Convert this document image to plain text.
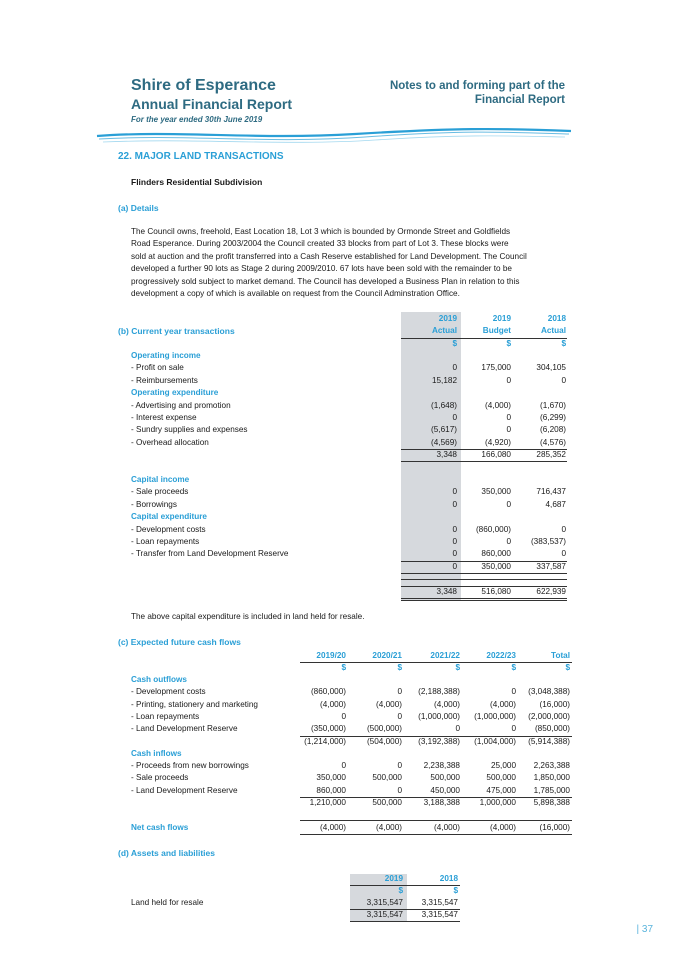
Shire of Esperance
Annual Financial Report
For the year ended 30th June 2019
Notes to and forming part of the
Financial Report
22. MAJOR LAND TRANSACTIONS
Flinders Residential Subdivision
(a) Details
The Council owns, freehold, East Location 18, Lot 3 which is bounded by Ormonde Street and Goldfields
Road Esperance. During 2003/2004 the Council created 33 blocks from part of Lot 3. These blocks were
sold at auction and the profit transferred into a Cash Reserve established for Land Development. The Council
developed a further 90 lots as Stage 2 during 2009/2010. 67 lots have been sold with the remainder to be
progressively sold subject to market demand. The Council has developed a Business Plan in relation to this
development a copy of which is available on request from the Council Adminstration Office.
(b) Current year transactions
2019	2019	2018
Actual	Budget	Actual
$	$	$
Operating income
- Profit on sale	0	175,000	304,105
- Reimbursements	15,182	0	0
Operating expenditure
- Advertising and promotion	(1,648)	(4,000)	(1,670)
- Interest expense	0	0	(6,299)
- Sundry supplies and expenses	(5,617)	0	(6,208)
- Overhead allocation	(4,569)	(4,920)	(4,576)
3,348	166,080	285,352
Capital income
- Sale proceeds	0	350,000	716,437
- Borrowings	0	0	4,687
Capital expenditure
- Development costs	0	(860,000)	0
- Loan repayments	0	0	(383,537)
- Transfer from Land Development Reserve	0	860,000	0
0	350,000	337,587
3,348	516,080	622,939
The above capital expenditure is included in land held for resale.
(c) Expected future cash flows
2019/20	2020/21	2021/22	2022/23	Total
$	$	$	$	$
Cash outflows
- Development costs	(860,000)	0	(2,188,388)	0	(3,048,388)
- Printing, stationery and marketing	(4,000)	(4,000)	(4,000)	(4,000)	(16,000)
- Loan repayments	0	0	(1,000,000)	(1,000,000)	(2,000,000)
- Land Development Reserve	(350,000)	(500,000)	0	0	(850,000)
(1,214,000)	(504,000)	(3,192,388)	(1,004,000)	(5,914,388)
Cash inflows
- Proceeds from new borrowings	0	0	2,238,388	25,000	2,263,388
- Sale proceeds	350,000	500,000	500,000	500,000	1,850,000
- Land Development Reserve	860,000	0	450,000	475,000	1,785,000
1,210,000	500,000	3,188,388	1,000,000	5,898,388
Net cash flows	(4,000)	(4,000)	(4,000)	(4,000)	(16,000)
(d) Assets and liabilities
2019	2018
$	$
Land held for resale	3,315,547	3,315,547
3,315,547	3,315,547
| 37
